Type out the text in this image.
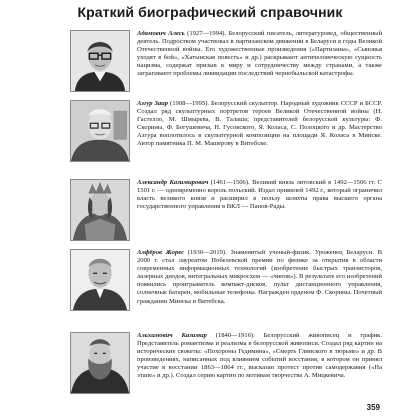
Краткий биографический справочник
Адамович Алесь (1927—1994). Белорусский писатель, литературовед, общественный деятель. Подростком участвовал в партизанском движении в Беларуси в годы Великой Отечественной войны. Его художественные произведения («Партизаны», «Сыновья уходят в бой», «Хатынская повесть» и др.) раскрывают античеловеческую сущность нацизма, содержат призыв к миру и сотрудничеству между странами, а также затрагивают проблемы ликвидации последствий чернобыльской катастрофы.
Азгур Заир (1908—1995). Белорусский скульптор. Народный художник СССР и БССР. Создал ряд скульптурных портретов героев Великой Отечественной войны (Н. Гастелло, М. Шмырева, В. Талаша; представителей белорусской культуры: Ф. Скорины, Ф. Богушевича, Н. Гусовского, Я. Коласа, С. Полоцкого и др. Мастерство Азгура воплотилось в скульптурной композиции на площади Я. Коласа в Минске. Автор памятника П. М. Машерову в Витебске.
Александр Казимирович (1461—1506). Великий князь литовский в 1492—1506 гг. С 1501 г. — одновременно король польский. Издал привилей 1492 г., который ограничил власть великого князя и расширил в пользу шляхты права высшего органа государственного управления в ВКЛ — Панов-Рады.
Алфёров Жорес (1930—2019). Знаменитый ученый-физик. Уроженец Беларуси. В 2000 г. стал лауреатом Нобелевской премии по физике за открытия в области современных информационных технологий (изобретение быстрых транзисторов, лазерных диодов, интегральных микросхем — «чипов»). В результате его изобретений появились проигрыватель компакт-дисков, пульт дистанционного управления, солнечные батареи, мобильные телефоны. Награжден орденом Ф. Скорины. Почетный гражданин Минска и Витебска.
Альхимович Казимир (1840—1916). Белорусский живописец и график. Представитель романтизма и реализма в белорусской живописи. Создал ряд картин на исторические сюжеты: «Похороны Гедимина», «Смерть Глинского в тюрьме» и др. В произведениях, написанных под влиянием событий восстания, в котором он принял участие в восстании 1863—1864 гг., высказан протест против самодержавия («На этапе» и др.). Создал серию картин по мотивам творчества А. Мицкевича.
359
